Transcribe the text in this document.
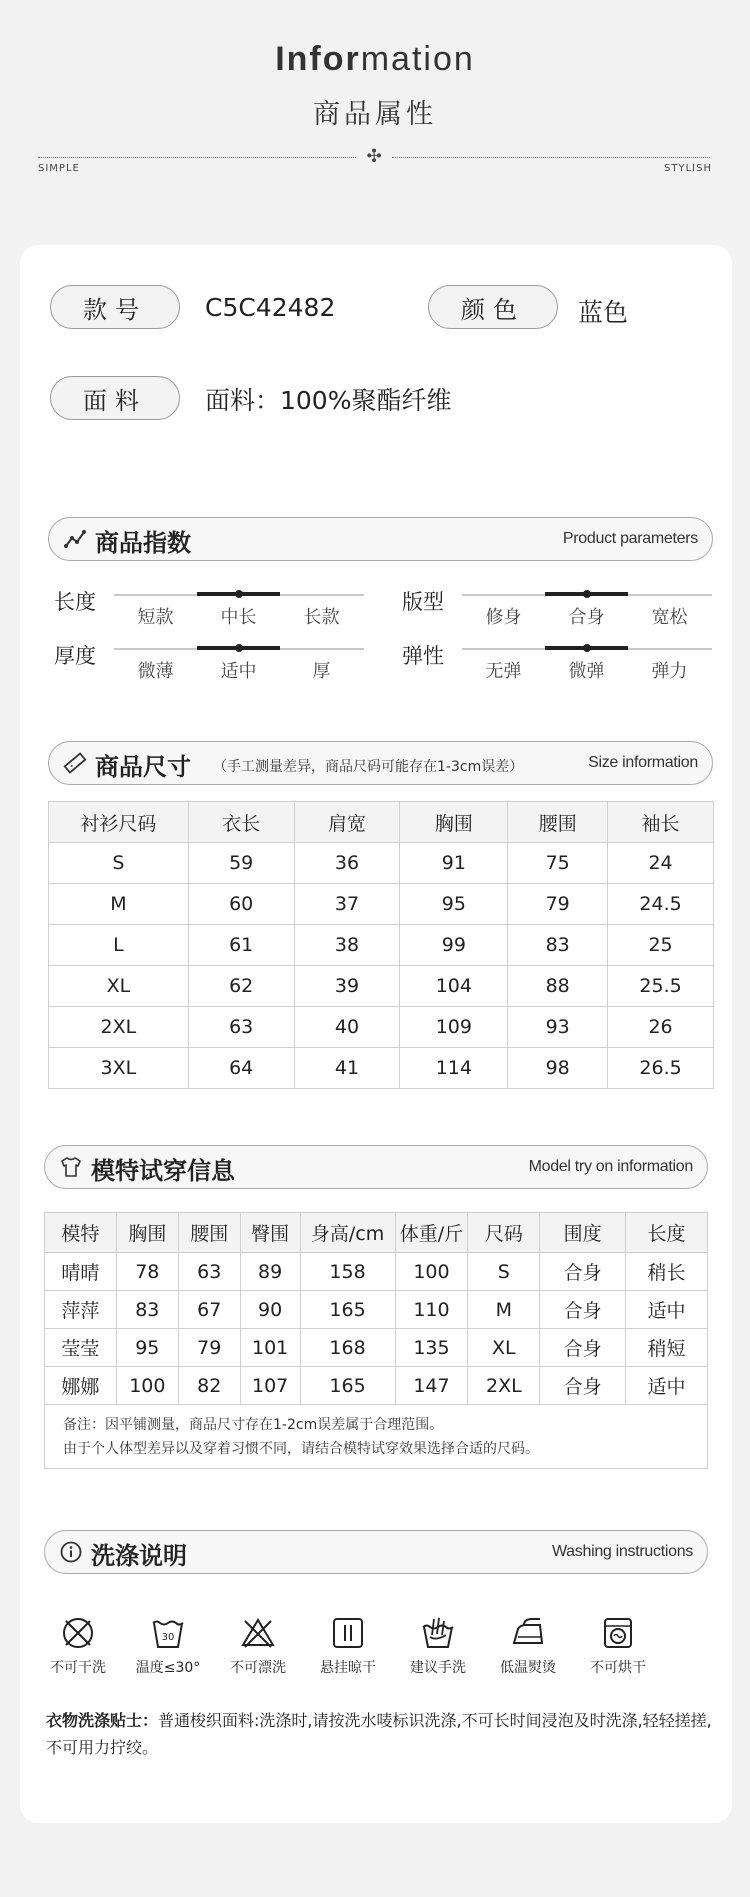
Information
商品属性
✣
SIMPLE	STYLISH
款号	C5C42482	颜色	蓝色
面料	面料：100%聚酯纤维
商品指数	Product parameters
长度
短款	中长	长款
版型
修身	合身	宽松
厚度
微薄	适中	厚
弹性
无弹	微弹	弹力
商品尺寸 （手工测量差异，商品尺码可能存在1-3cm误差）	Size information
衬衫尺码	衣长	肩宽	胸围	腰围	袖长
S	59	36	91	75	24
M	60	37	95	79	24.5
L	61	38	99	83	25
XL	62	39	104	88	25.5
2XL	63	40	109	93	26
3XL	64	41	114	98	26.5
模特试穿信息	Model try on information
模特	胸围	腰围	臀围	身高/cm	体重/斤	尺码	围度	长度
晴晴	78	63	89	158	100	S	合身	稍长
萍萍	83	67	90	165	110	M	合身	适中
莹莹	95	79	101	168	135	XL	合身	稍短
娜娜	100	82	107	165	147	2XL	合身	适中
备注：因平铺测量，商品尺寸存在1-2cm误差属于合理范围。
由于个人体型差异以及穿着习惯不同，请结合模特试穿效果选择合适的尺码。
洗涤说明	Washing instructions
不可干洗
30
温度≤30°	不可漂洗	悬挂晾干	建议手洗	低温熨烫	不可烘干
衣物洗涤贴士：普通梭织面料:洗涤时,请按洗水唛标识洗涤,不可长时间浸泡及时洗涤,轻轻搓搓,不可用力拧绞。
